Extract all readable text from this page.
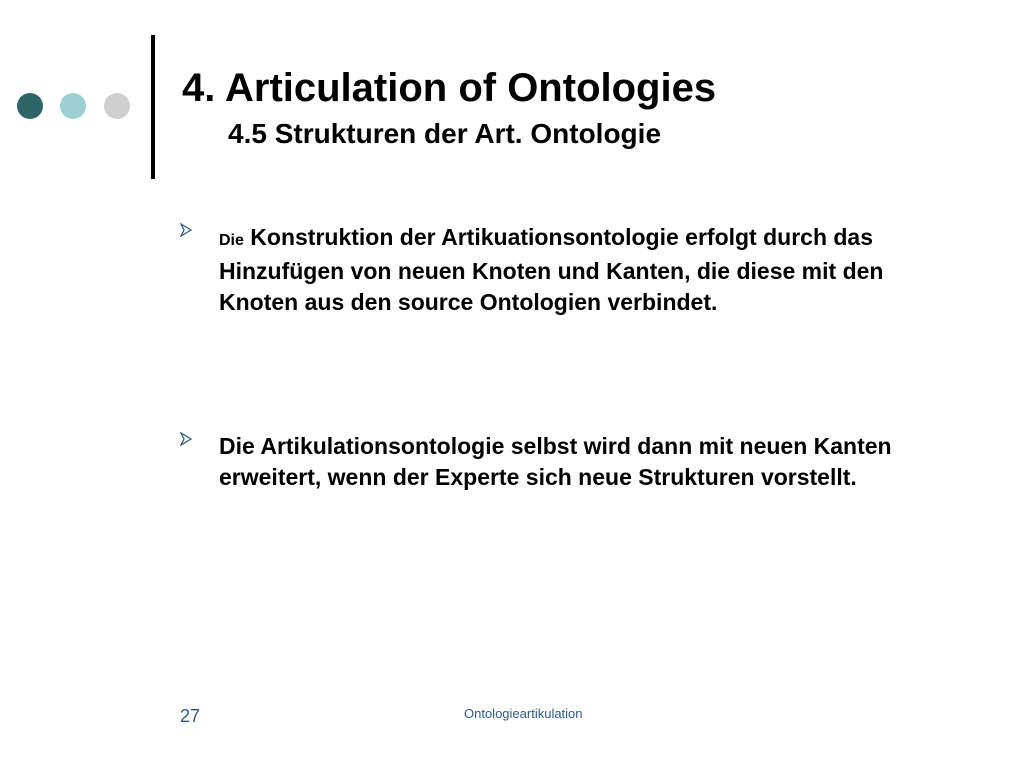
4. Articulation of Ontologies
4.5 Strukturen der Art. Ontologie
Die Konstruktion der Artikuationsontologie erfolgt durch das Hinzufügen von neuen Knoten und Kanten, die diese mit den Knoten aus den source Ontologien verbindet.
Die Artikulationsontologie selbst wird dann mit neuen Kanten erweitert, wenn der Experte sich neue Strukturen vorstellt.
27	Ontologieartikulation
